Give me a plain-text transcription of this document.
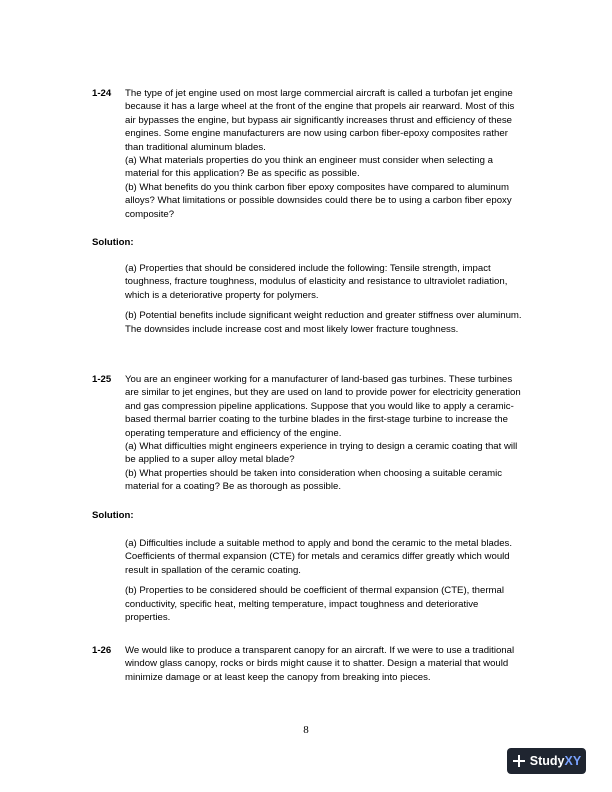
1-24 The type of jet engine used on most large commercial aircraft is called a turbofan jet engine because it has a large wheel at the front of the engine that propels air rearward. Most of this air bypasses the engine, but bypass air significantly increases thrust and efficiency of these engines. Some engine manufacturers are now using carbon fiber-epoxy composites rather than traditional aluminum blades.

(a) What materials properties do you think an engineer must consider when selecting a material for this application? Be as specific as possible.

(b) What benefits do you think carbon fiber epoxy composites have compared to aluminum alloys? What limitations or possible downsides could there be to using a carbon fiber epoxy composite?

Solution:

(a) Properties that should be considered include the following: Tensile strength, impact toughness, fracture toughness, modulus of elasticity and resistance to ultraviolet radiation, which is a deteriorative property for polymers.

(b) Potential benefits include significant weight reduction and greater stiffness over aluminum. The downsides include increase cost and most likely lower fracture toughness.

1-25 You are an engineer working for a manufacturer of land-based gas turbines. These turbines are similar to jet engines, but they are used on land to provide power for electricity generation and gas compression pipeline applications. Suppose that you would like to apply a ceramic-based thermal barrier coating to the turbine blades in the first-stage turbine to increase the operating temperature and efficiency of the engine.

(a) What difficulties might engineers experience in trying to design a ceramic coating that will be applied to a super alloy metal blade?

(b) What properties should be taken into consideration when choosing a suitable ceramic material for a coating? Be as thorough as possible.

Solution:

(a) Difficulties include a suitable method to apply and bond the ceramic to the metal blades. Coefficients of thermal expansion (CTE) for metals and ceramics differ greatly which would result in spallation of the ceramic coating.

(b) Properties to be considered should be coefficient of thermal expansion (CTE), thermal conductivity, specific heat, melting temperature, impact toughness and deteriorative properties.

1-26 We would like to produce a transparent canopy for an aircraft. If we were to use a traditional window glass canopy, rocks or birds might cause it to shatter. Design a material that would minimize damage or at least keep the canopy from breaking into pieces.

8
Study XY
